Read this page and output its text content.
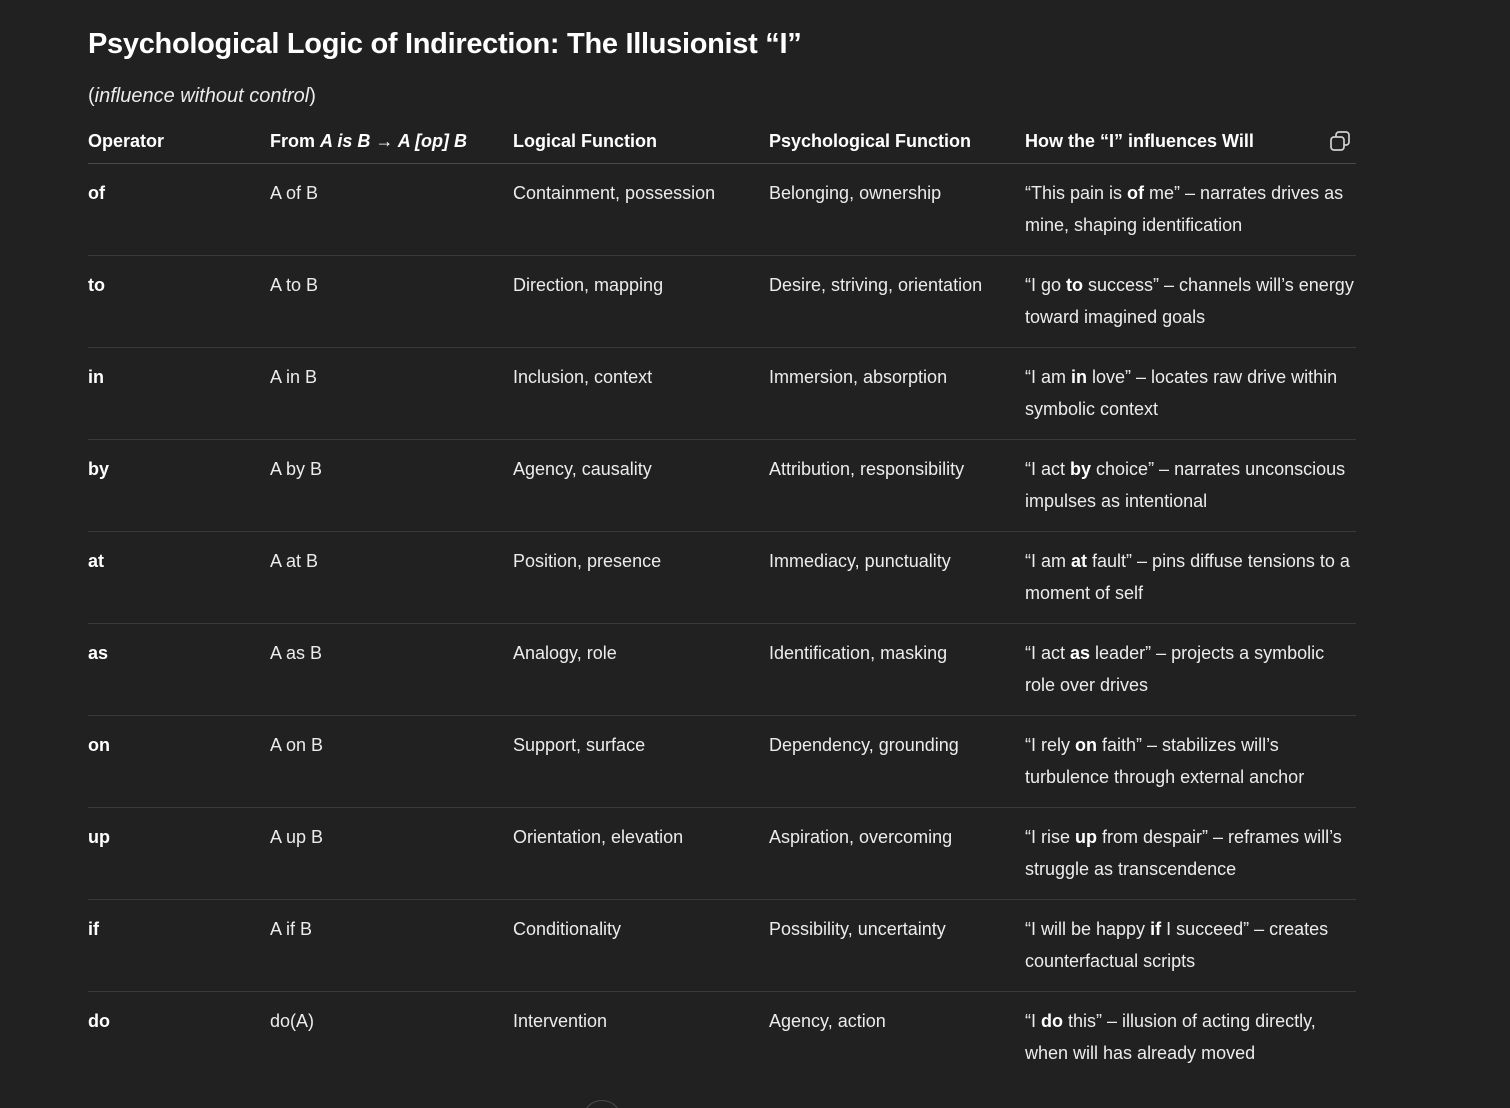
Psychological Logic of Indirection: The Illusionist “I”
(influence without control)
Operator	From A is B → A [op] B	Logical Function	Psychological Function	How the “I” influences Will
of	A of B	Containment, possession	Belonging, ownership	“This pain is of me” – narrates drives as mine, shaping identification
to	A to B	Direction, mapping	Desire, striving, orientation	“I go to success” – channels will’s energy toward imagined goals
in	A in B	Inclusion, context	Immersion, absorption	“I am in love” – locates raw drive within symbolic context
by	A by B	Agency, causality	Attribution, responsibility	“I act by choice” – narrates unconscious impulses as intentional
at	A at B	Position, presence	Immediacy, punctuality	“I am at fault” – pins diffuse tensions to a moment of self
as	A as B	Analogy, role	Identification, masking	“I act as leader” – projects a symbolic role over drives
on	A on B	Support, surface	Dependency, grounding	“I rely on faith” – stabilizes will’s turbulence through external anchor
up	A up B	Orientation, elevation	Aspiration, overcoming	“I rise up from despair” – reframes will’s struggle as transcendence
if	A if B	Conditionality	Possibility, uncertainty	“I will be happy if I succeed” – creates counterfactual scripts
do	do(A)	Intervention	Agency, action	“I do this” – illusion of acting directly, when will has already moved
